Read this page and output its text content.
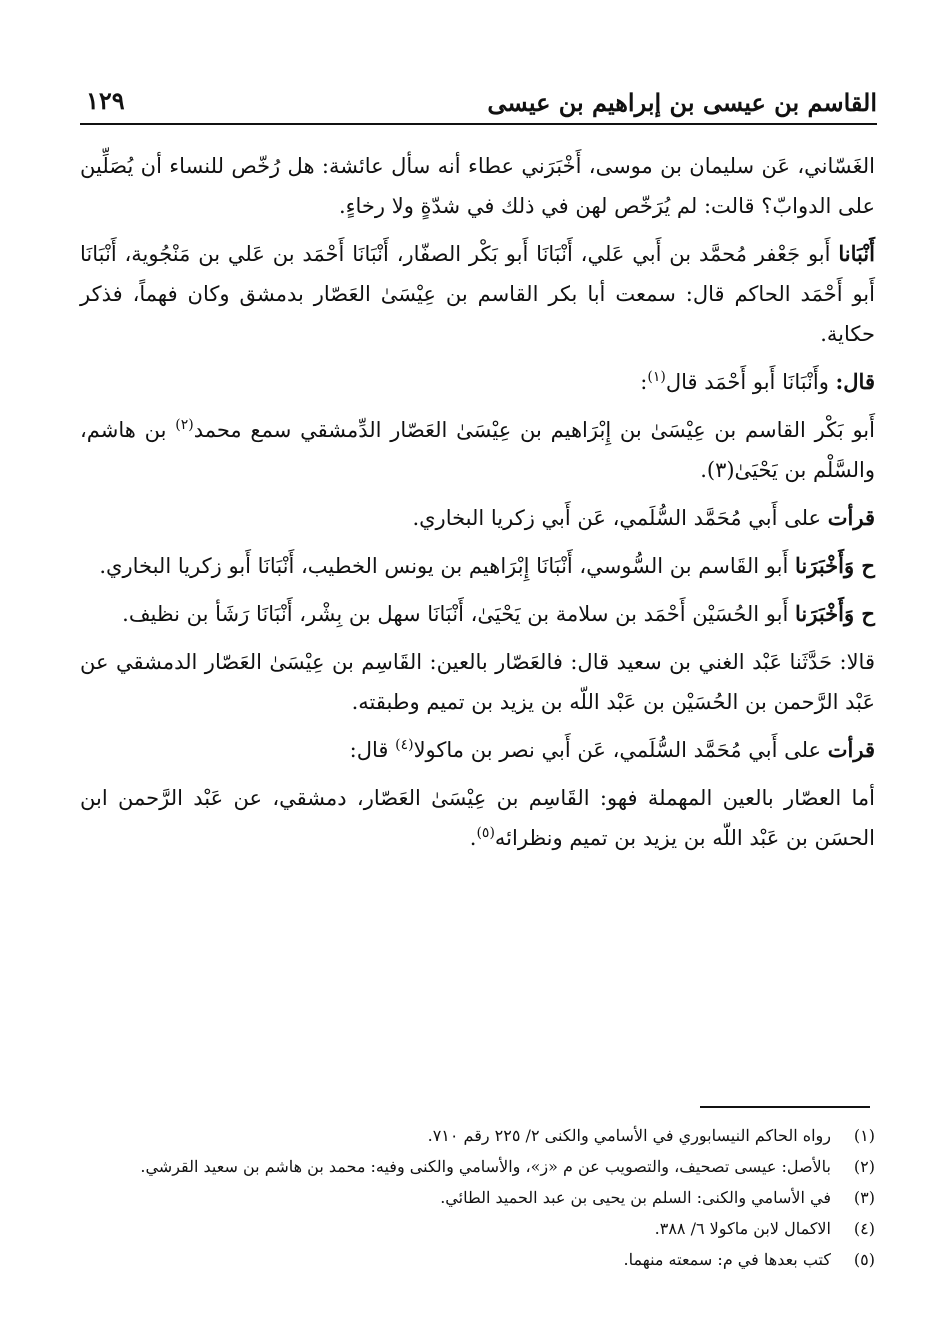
القاسم بن عيسى بن إبراهيم بن عيسى
١٢٩

الغَسّاني، عَن سليمان بن موسى، أَخْبَرَني عطاء أنه سأل عائشة: هل رُخّص للنساء أن يُصَلِّين على الدوابّ؟ قالت: لم يُرَخّص لهن في ذلك في شدّةٍ ولا رخاءٍ.

أَنْبَانا أَبو جَعْفر مُحمَّد بن أَبي عَلي، أَنْبَانَا أَبو بَكْر الصفّار، أَنْبَانَا أَحْمَد بن عَلي بن مَنْجُوية، أَنْبَانَا أَبو أَحْمَد الحاكم قال: سمعت أبا بكر القاسم بن عِيْسَىٰ العَصّار بدمشق وكان فهماً، فذكر حكاية.

قال: وأَنْبَانَا أَبو أَحْمَد قال$^{(١)}$:

أَبو بَكْر القاسم بن عِيْسَىٰ بن إِبْرَاهيم بن عِيْسَىٰ العَصّار الدِّمشقي سمع محمد$^{(٢)}$ بن هاشم، والسَّلْم بن يَحْيَىٰ(٣).

قرأت على أَبي مُحَمَّد السُّلَمي، عَن أَبي زكريا البخاري.

ح وَأَخْبَرَنا أَبو القَاسم بن السُّوسي، أَنْبَانَا إِبْرَاهيم بن يونس الخطيب، أَنْبَانَا أَبو زكريا البخاري.

ح وَأَخْبَرَنا أَبو الحُسَيْن أَحْمَد بن سلامة بن يَحْيَىٰ، أَنْبَانَا سهل بن بِشْر، أَنْبَانَا رَشَأ بن نظيف.

قالا: حَدَّثَنا عَبْد الغني بن سعيد قال: فالعَصّار بالعين: القَاسِم بن عِيْسَىٰ العَصّار الدمشقي عن عَبْد الرَّحمن بن الحُسَيْن بن عَبْد اللّه بن يزيد بن تميم وطبقته.

قرأت على أَبي مُحَمَّد السُّلَمي، عَن أَبي نصر بن ماكولا$^{(٤)}$ قال:

أما العصّار بالعين المهملة فهو: القَاسِم بن عِيْسَىٰ العَصّار، دمشقي، عن عَبْد الرَّحمن ابن الحسَن بن عَبْد اللّه بن يزيد بن تميم ونظرائه$^{(٥)}$.

(١)
رواه الحاكم النيسابوري في الأسامي والكنى ٢/ ٢٢٥ رقم ٧١٠.
(٢)
بالأصل: عيسى تصحيف، والتصويب عن م «ز»، والأسامي والكنى وفيه: محمد بن هاشم بن سعيد القرشي.
(٣)
في الأسامي والكنى: السلم بن يحيى بن عبد الحميد الطائي.
(٤)
الاكمال لابن ماكولا ٦/ ٣٨٨.
(٥)
كتب بعدها في م: سمعته منهما.
